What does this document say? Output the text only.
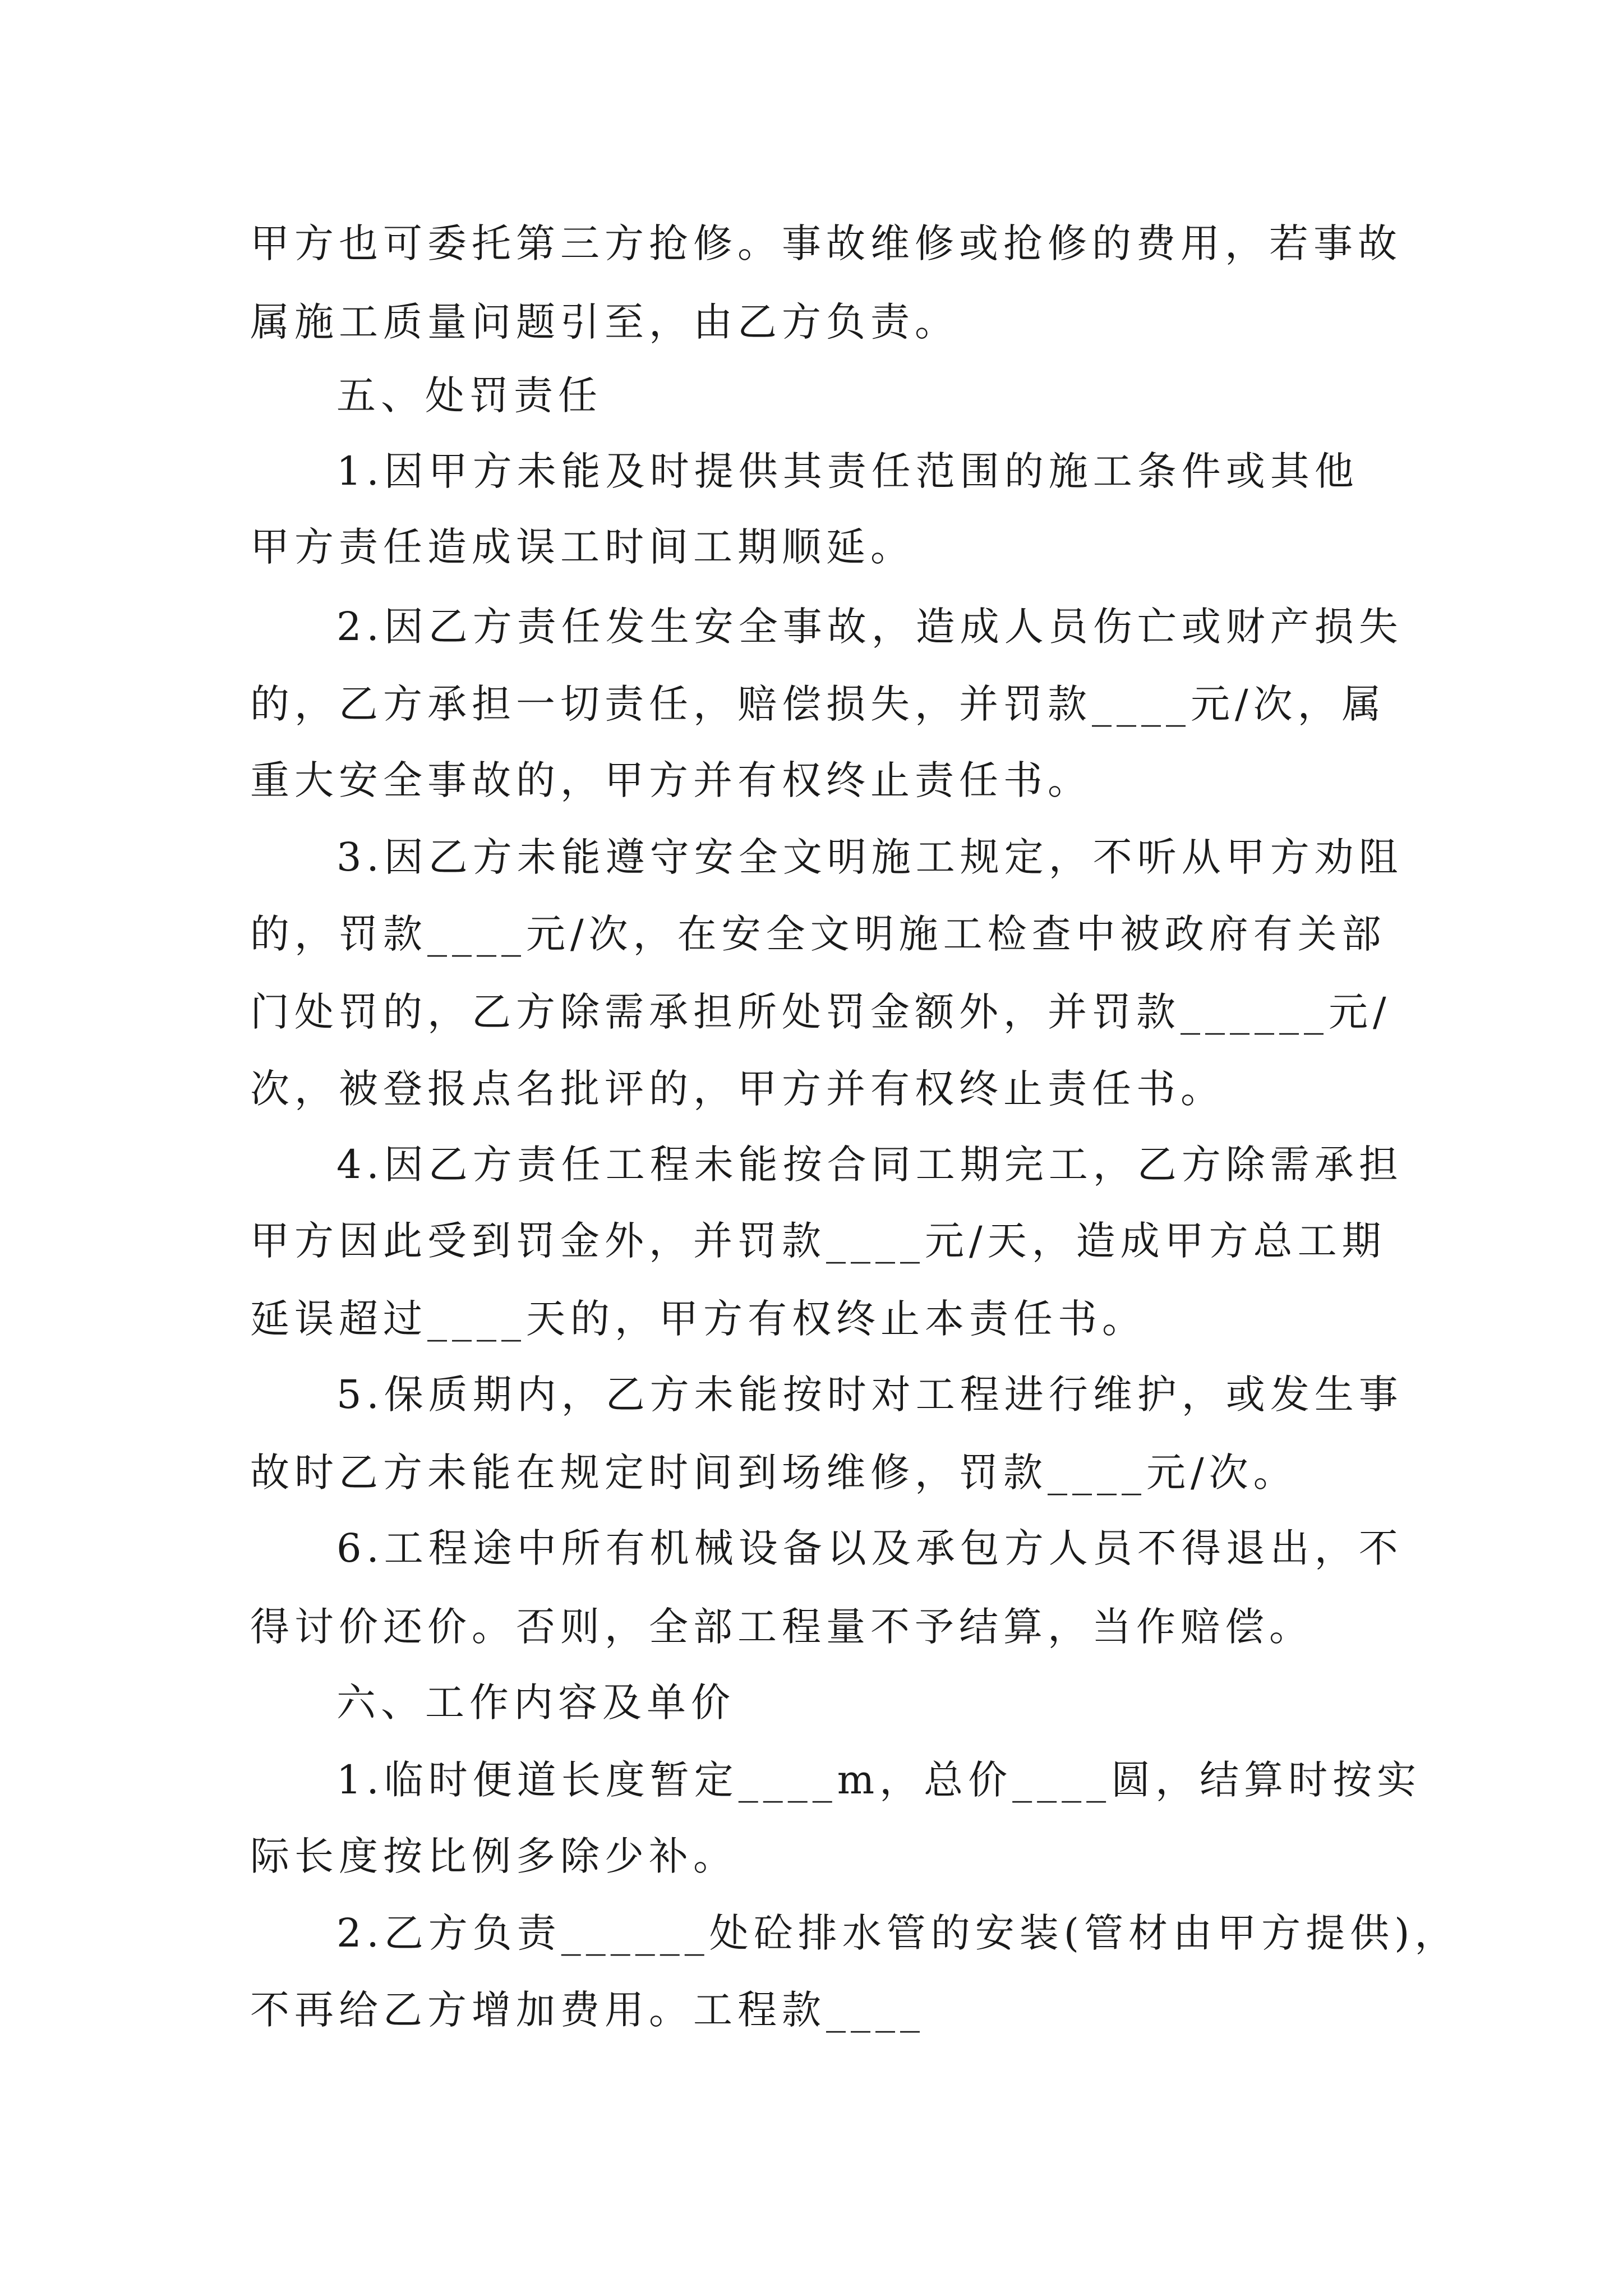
甲方也可委托第三方抢修。事故维修或抢修的费用，若事故

属施工质量问题引至，由乙方负责。

五、处罚责任

1.因甲方未能及时提供其责任范围的施工条件或其他

甲方责任造成误工时间工期顺延。

2.因乙方责任发生安全事故，造成人员伤亡或财产损失

的，乙方承担一切责任，赔偿损失，并罚款____元/次，属

重大安全事故的，甲方并有权终止责任书。

3.因乙方未能遵守安全文明施工规定，不听从甲方劝阻

的，罚款____元/次，在安全文明施工检查中被政府有关部

门处罚的，乙方除需承担所处罚金额外，并罚款______元/

次，被登报点名批评的，甲方并有权终止责任书。

4.因乙方责任工程未能按合同工期完工，乙方除需承担

甲方因此受到罚金外，并罚款____元/天，造成甲方总工期

延误超过____天的，甲方有权终止本责任书。

5.保质期内，乙方未能按时对工程进行维护，或发生事

故时乙方未能在规定时间到场维修，罚款____元/次。

6.工程途中所有机械设备以及承包方人员不得退出，不

得讨价还价。否则，全部工程量不予结算，当作赔偿。

六、工作内容及单价

1.临时便道长度暂定____m，总价____圆，结算时按实

际长度按比例多除少补。

2.乙方负责______处砼排水管的安装(管材由甲方提供)，

不再给乙方增加费用。工程款____
